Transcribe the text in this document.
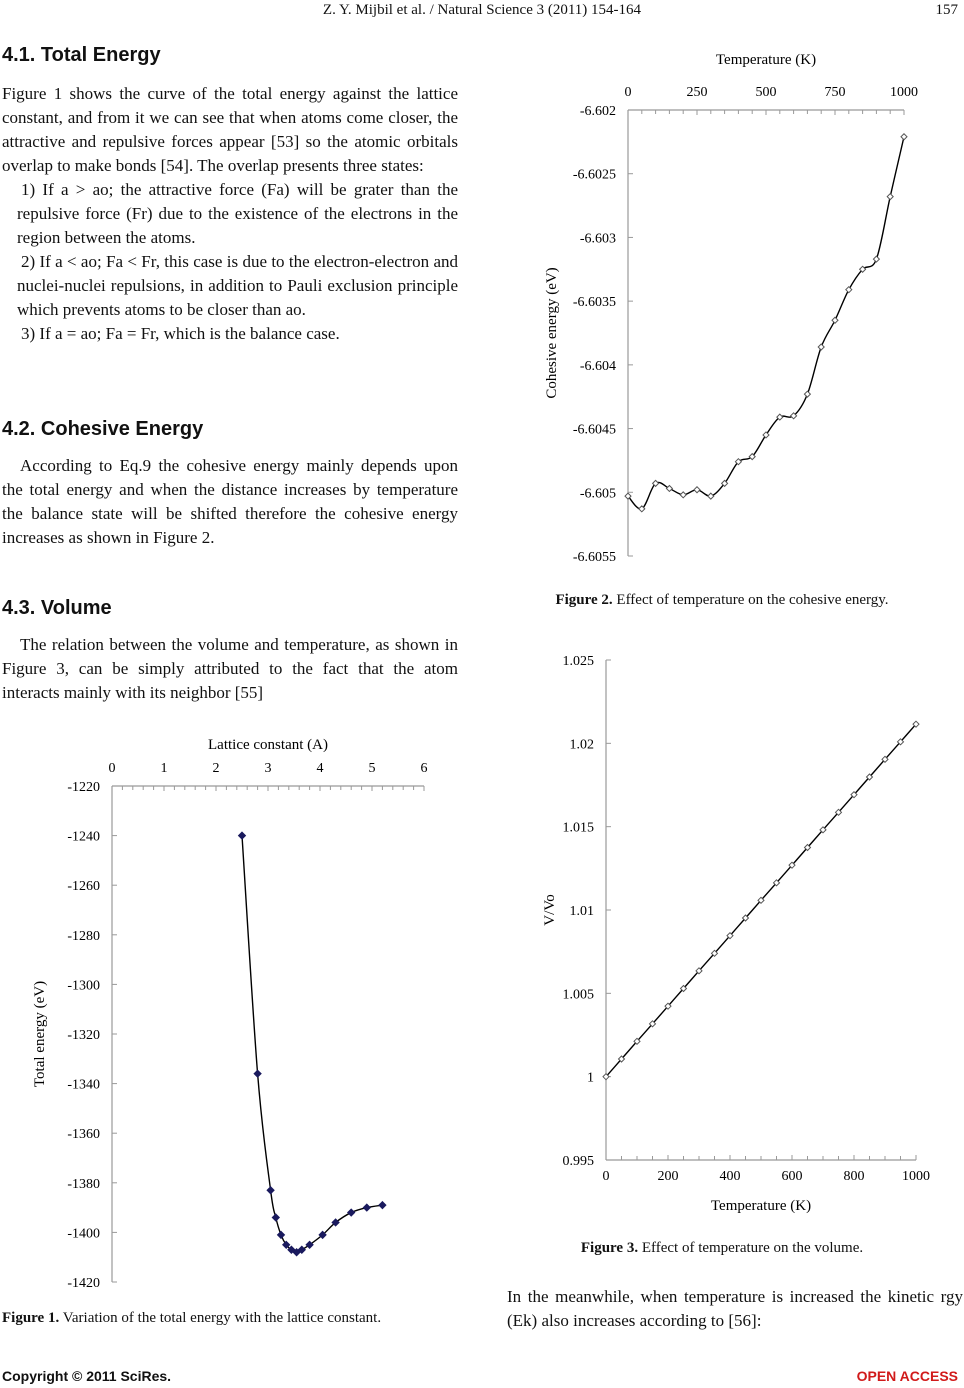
Z. Y. Mijbil et al. / Natural Science 3 (2011) 154-164	157
4.1. Total Energy

Figure 1 shows the curve of the total energy against the lattice constant, and from it we can see that when atoms come closer, the attractive and repulsive forces appear [53] so the atomic orbitals overlap to make bonds [54]. The overlap presents three states:

1) If a > ao; the attractive force (Fa) will be grater than the repulsive force (Fr) due to the existence of the electrons in the region between the atoms.

2) If a < ao; Fa < Fr, this case is due to the electron-electron and nuclei-nuclei repulsions, in addition to Pauli exclusion principle which prevents atoms to be closer than ao.

3) If a = ao; Fa = Fr, which is the balance case.

4.2. Cohesive Energy

According to Eq.9 the cohesive energy mainly depends upon the total energy and when the distance increases by temperature the balance state will be shifted therefore the cohesive energy increases as shown in Figure 2.

4.3. Volume

The relation between the volume and temperature, as shown in Figure 3, can be simply attributed to the fact that the atom interacts mainly with its neighbor [55]

0	1	2	3	4	5	6
-1220
-1240
-1260
-1280
-1300
-1320
-1340
-1360
-1380
-1400
-1420
Lattice constant (A)
Total energy (eV)
Figure 1. Variation of the total energy with the lattice constant.
0	250	500	750	1000
-6.602
-6.6025
-6.603
-6.6035
-6.604
-6.6045
-6.605
-6.6055
Temperature (K)
Cohesive energy (eV)
Figure 2. Effect of temperature on the cohesive energy.
0	200	400	600	800	1000
1.025
1.02
1.015
1.01
1.005
1
0.995
Temperature (K)
V/Vo
Figure 3. Effect of temperature on the volume.

In the meanwhile, when temperature is increased the kinetic rgy (Ek) also increases according to [56]:

Copyright © 2011 SciRes.	OPEN ACCESS
